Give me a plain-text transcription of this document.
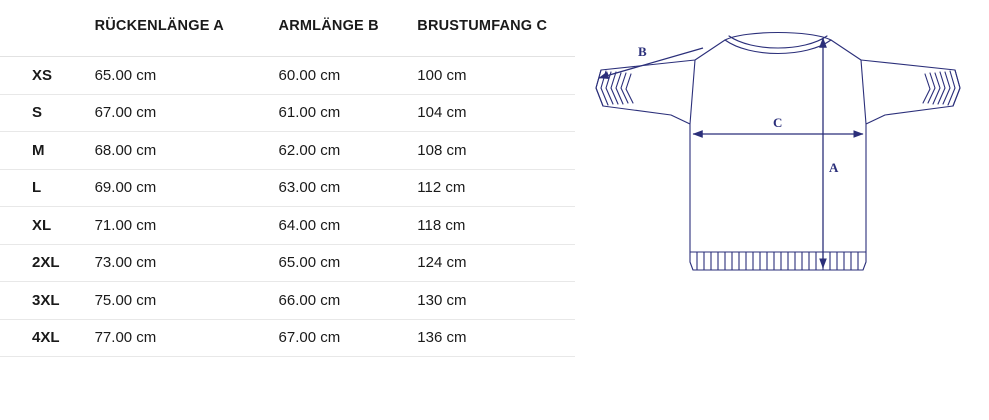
	RÜCKENLÄNGE A	ARMLÄNGE B	BRUSTUMFANG C
XS	65.00 cm	60.00 cm	100 cm
S	67.00 cm	61.00 cm	104 cm
M	68.00 cm	62.00 cm	108 cm
L	69.00 cm	63.00 cm	112 cm
XL	71.00 cm	64.00 cm	118 cm
2XL	73.00 cm	65.00 cm	124 cm
3XL	75.00 cm	66.00 cm	130 cm
4XL	77.00 cm	67.00 cm	136 cm
B
A
C
